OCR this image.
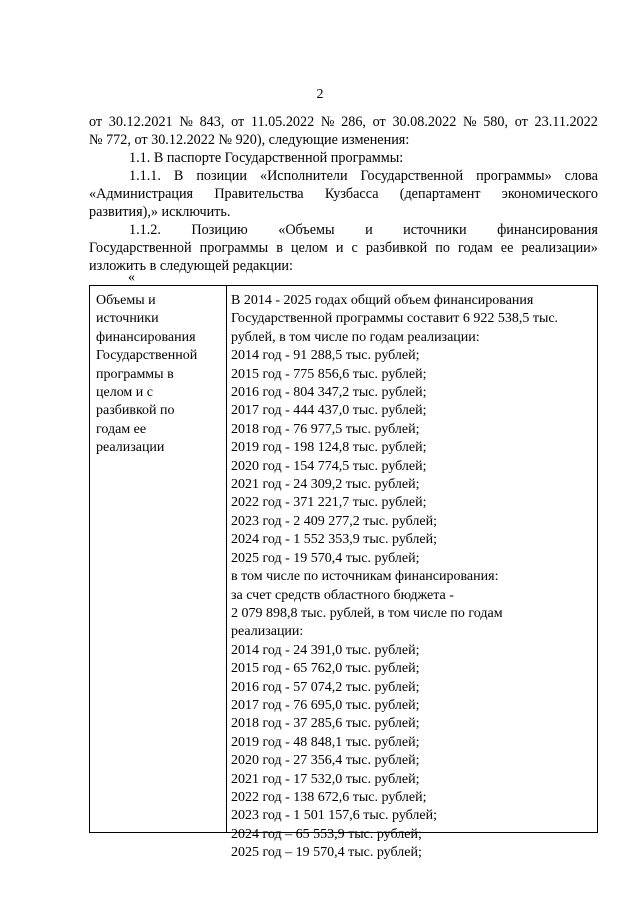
2
от 30.12.2021 № 843, от 11.05.2022 № 286, от 30.08.2022 № 580, от 23.11.2022
№ 772, от 30.12.2022 № 920), следующие изменения:
1.1. В паспорте Государственной программы:
1.1.1. В позиции «Исполнители Государственной программы» слова
«Администрация Правительства Кузбасса (департамент экономического
развития),» исключить.
1.1.2. Позицию «Объемы и источники финансирования
Государственной программы в целом и с разбивкой по годам ее реализации»
изложить в следующей редакции:
«
Объемы и
источники
финансирования
Государственной
программы в
целом и с
разбивкой по
годам ее
реализации
В 2014 - 2025 годах общий объем финансирования
Государственной программы составит 6 922 538,5 тыс.
рублей, в том числе по годам реализации:
2014 год - 91 288,5 тыс. рублей;
2015 год - 775 856,6 тыс. рублей;
2016 год - 804 347,2 тыс. рублей;
2017 год - 444 437,0 тыс. рублей;
2018 год - 76 977,5 тыс. рублей;
2019 год - 198 124,8 тыс. рублей;
2020 год - 154 774,5 тыс. рублей;
2021 год - 24 309,2 тыс. рублей;
2022 год - 371 221,7 тыс. рублей;
2023 год - 2 409 277,2 тыс. рублей;
2024 год - 1 552 353,9 тыс. рублей;
2025 год - 19 570,4 тыс. рублей;
в том числе по источникам финансирования:
за счет средств областного бюджета -
2 079 898,8 тыс. рублей, в том числе по годам
реализации:
2014 год - 24 391,0 тыс. рублей;
2015 год - 65 762,0 тыс. рублей;
2016 год - 57 074,2 тыс. рублей;
2017 год - 76 695,0 тыс. рублей;
2018 год - 37 285,6 тыс. рублей;
2019 год - 48 848,1 тыс. рублей;
2020 год - 27 356,4 тыс. рублей;
2021 год - 17 532,0 тыс. рублей;
2022 год - 138 672,6 тыс. рублей;
2023 год - 1 501 157,6 тыс. рублей;
2024 год – 65 553,9 тыс. рублей;
2025 год – 19 570,4 тыс. рублей;
